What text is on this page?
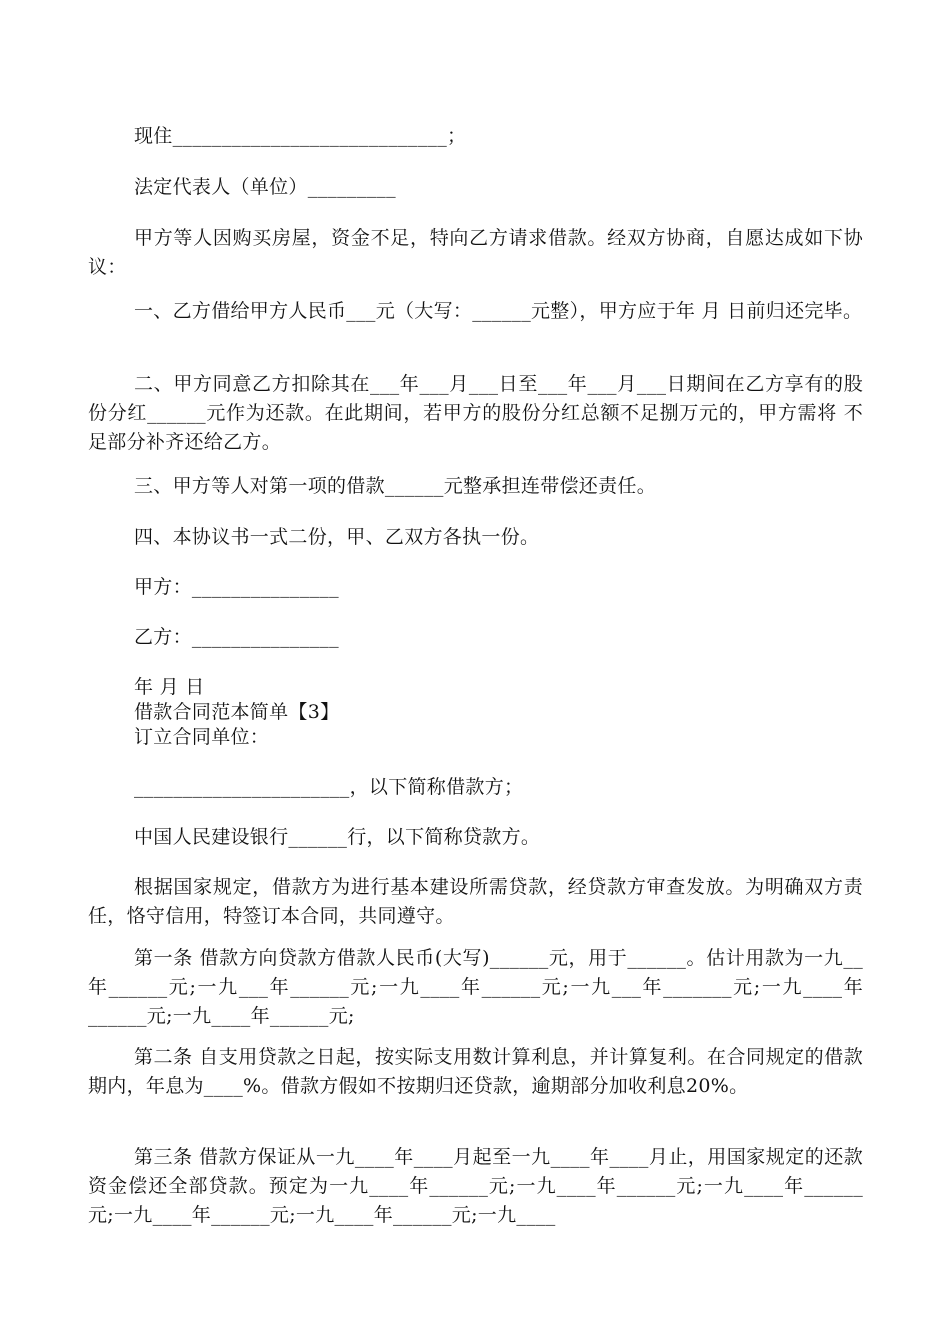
现住____________________________；
法定代表人（单位）_________
甲方等人因购买房屋，资金不足，特向乙方请求借款。经双方协商，自愿达成如下协议：
一、乙方借给甲方人民币___元（大写：______元整），甲方应于年 月 日前归还完毕。
二、甲方同意乙方扣除其在___年___月___日至___年___月___日期间在乙方享有的股份分红______元作为还款。在此期间，若甲方的股份分红总额不足捌万元的，甲方需将 不足部分补齐还给乙方。
三、甲方等人对第一项的借款______元整承担连带偿还责任。
四、本协议书一式二份，甲、乙双方各执一份。
甲方：_______________
乙方：_______________
年 月 日
借款合同范本简单【3】
订立合同单位：
______________________，以下简称借款方；
中国人民建设银行______行，以下简称贷款方。
根据国家规定，借款方为进行基本建设所需贷款，经贷款方审查发放。为明确双方责任，恪守信用，特签订本合同，共同遵守。
第一条 借款方向贷款方借款人民币(大写)______元，用于______。估计用款为一九__年______元;一九___年______元;一九____年______元;一九___年_______元;一九____年______元;一九____年______元;
第二条 自支用贷款之日起，按实际支用数计算利息，并计算复利。在合同规定的借款期内，年息为____%。借款方假如不按期归还贷款，逾期部分加收利息20%。
第三条 借款方保证从一九____年____月起至一九____年____月止，用国家规定的还款资金偿还全部贷款。预定为一九____年______元;一九____年______元;一九____年______元;一九____年______元;一九____年______元;一九____
